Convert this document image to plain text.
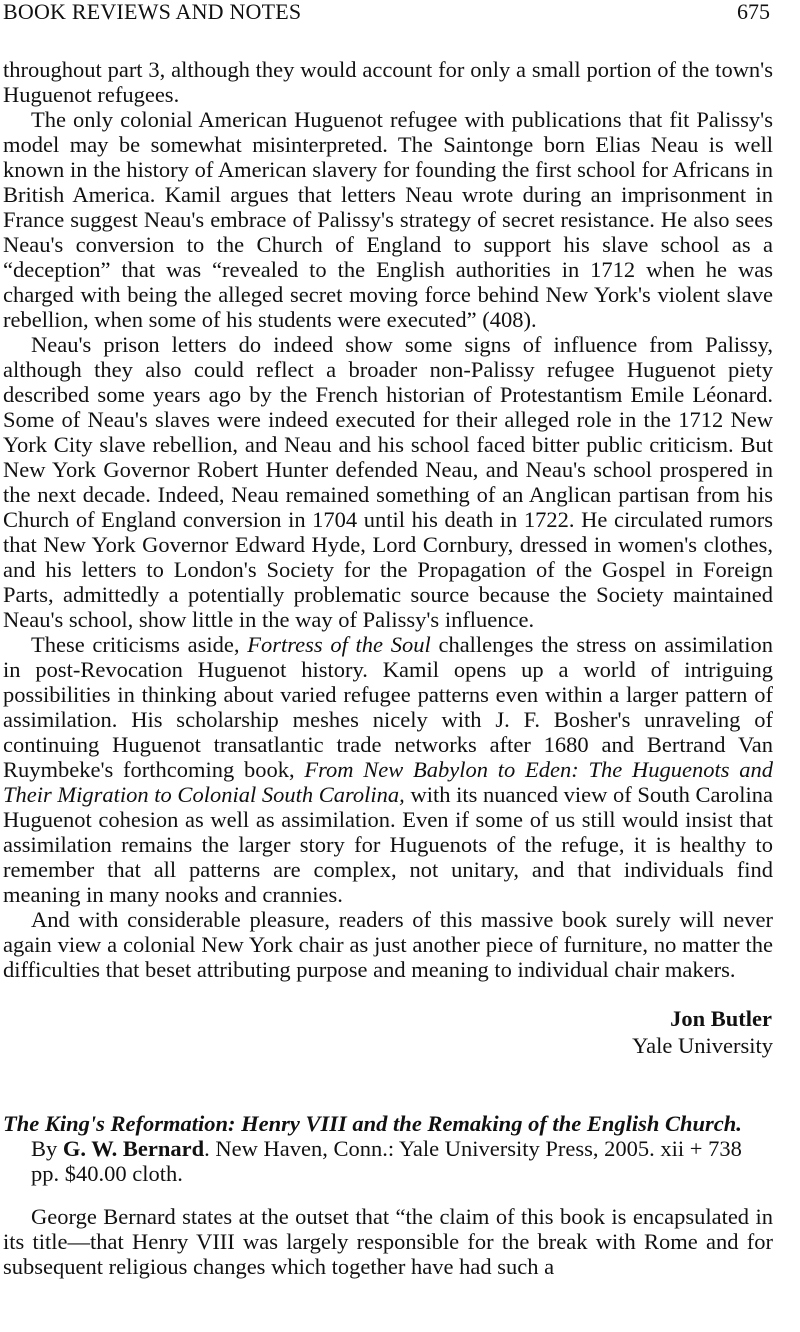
BOOK REVIEWS AND NOTES	675

throughout part 3, although they would account for only a small portion of the town's Huguenot refugees.

The only colonial American Huguenot refugee with publications that fit Palissy's model may be somewhat misinterpreted. The Saintonge born Elias Neau is well known in the history of American slavery for founding the first school for Africans in British America. Kamil argues that letters Neau wrote during an imprisonment in France suggest Neau's embrace of Palissy's strategy of secret resistance. He also sees Neau's conversion to the Church of England to support his slave school as a “deception” that was “revealed to the English authorities in 1712 when he was charged with being the alleged secret moving force behind New York's violent slave rebellion, when some of his students were executed” (408).

Neau's prison letters do indeed show some signs of influence from Palissy, although they also could reflect a broader non-Palissy refugee Huguenot piety described some years ago by the French historian of Protestantism Emile Léonard. Some of Neau's slaves were indeed executed for their alleged role in the 1712 New York City slave rebellion, and Neau and his school faced bitter public criticism. But New York Governor Robert Hunter defended Neau, and Neau's school prospered in the next decade. Indeed, Neau remained something of an Anglican partisan from his Church of England conversion in 1704 until his death in 1722. He circulated rumors that New York Governor Edward Hyde, Lord Cornbury, dressed in women's clothes, and his letters to London's Society for the Propagation of the Gospel in Foreign Parts, admittedly a potentially problematic source because the Society maintained Neau's school, show little in the way of Palissy's influence.

These criticisms aside, Fortress of the Soul challenges the stress on assimilation in post-Revocation Huguenot history. Kamil opens up a world of intriguing possibilities in thinking about varied refugee patterns even within a larger pattern of assimilation. His scholarship meshes nicely with J. F. Bosher's unraveling of continuing Huguenot transatlantic trade networks after 1680 and Bertrand Van Ruymbeke's forthcoming book, From New Babylon to Eden: The Huguenots and Their Migration to Colonial South Carolina, with its nuanced view of South Carolina Huguenot cohesion as well as assimilation. Even if some of us still would insist that assimilation remains the larger story for Huguenots of the refuge, it is healthy to remember that all patterns are complex, not unitary, and that individuals find meaning in many nooks and crannies.

And with considerable pleasure, readers of this massive book surely will never again view a colonial New York chair as just another piece of furniture, no matter the difficulties that beset attributing purpose and meaning to individual chair makers.

Jon Butler
Yale University

The King's Reformation: Henry VIII and the Remaking of the English Church.
By G. W. Bernard. New Haven, Conn.: Yale University Press, 2005. xii + 738 pp. $40.00 cloth.

George Bernard states at the outset that “the claim of this book is encapsulated in its title—that Henry VIII was largely responsible for the break with Rome and for subsequent religious changes which together have had such a
